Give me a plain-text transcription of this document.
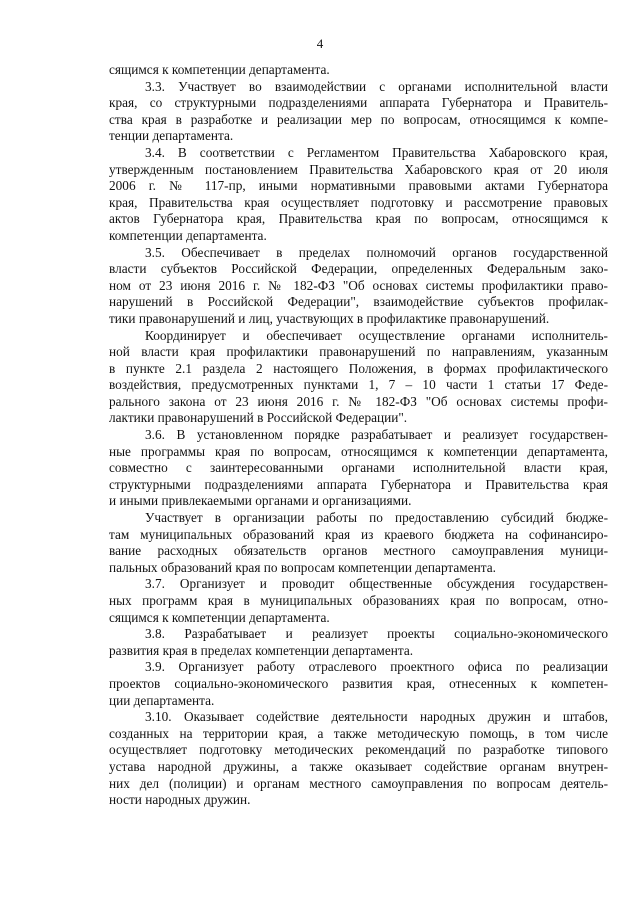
4
сящимся к компетенции департамента.
3.3. Участвует во взаимодействии с органами исполнительной власти
края, со структурными подразделениями аппарата Губернатора и Правитель-
ства края в разработке и реализации мер по вопросам, относящимся к компе-
тенции департамента.
3.4. В соответствии с Регламентом Правительства Хабаровского края,
утвержденным постановлением Правительства Хабаровского края от 20 июля
2006 г. № 117-пр, иными нормативными правовыми актами Губернатора
края, Правительства края осуществляет подготовку и рассмотрение правовых
актов Губернатора края, Правительства края по вопросам, относящимся к
компетенции департамента.
3.5. Обеспечивает в пределах полномочий органов государственной
власти субъектов Российской Федерации, определенных Федеральным зако-
ном от 23 июня 2016 г. № 182-ФЗ "Об основах системы профилактики право-
нарушений в Российской Федерации", взаимодействие субъектов профилак-
тики правонарушений и лиц, участвующих в профилактике правонарушений.
Координирует и обеспечивает осуществление органами исполнитель-
ной власти края профилактики правонарушений по направлениям, указанным
в пункте 2.1 раздела 2 настоящего Положения, в формах профилактического
воздействия, предусмотренных пунктами 1, 7 – 10 части 1 статьи 17 Феде-
рального закона от 23 июня 2016 г. № 182-ФЗ "Об основах системы профи-
лактики правонарушений в Российской Федерации".
3.6. В установленном порядке разрабатывает и реализует государствен-
ные программы края по вопросам, относящимся к компетенции департамента,
совместно с заинтересованными органами исполнительной власти края,
структурными подразделениями аппарата Губернатора и Правительства края
и иными привлекаемыми органами и организациями.
Участвует в организации работы по предоставлению субсидий бюдже-
там муниципальных образований края из краевого бюджета на софинансиро-
вание расходных обязательств органов местного самоуправления муници-
пальных образований края по вопросам компетенции департамента.
3.7. Организует и проводит общественные обсуждения государствен-
ных программ края в муниципальных образованиях края по вопросам, отно-
сящимся к компетенции департамента.
3.8. Разрабатывает и реализует проекты социально-экономического
развития края в пределах компетенции департамента.
3.9. Организует работу отраслевого проектного офиса по реализации
проектов социально-экономического развития края, отнесенных к компетен-
ции департамента.
3.10. Оказывает содействие деятельности народных дружин и штабов,
созданных на территории края, а также методическую помощь, в том числе
осуществляет подготовку методических рекомендаций по разработке типового
устава народной дружины, а также оказывает содействие органам внутрен-
них дел (полиции) и органам местного самоуправления по вопросам деятель-
ности народных дружин.
